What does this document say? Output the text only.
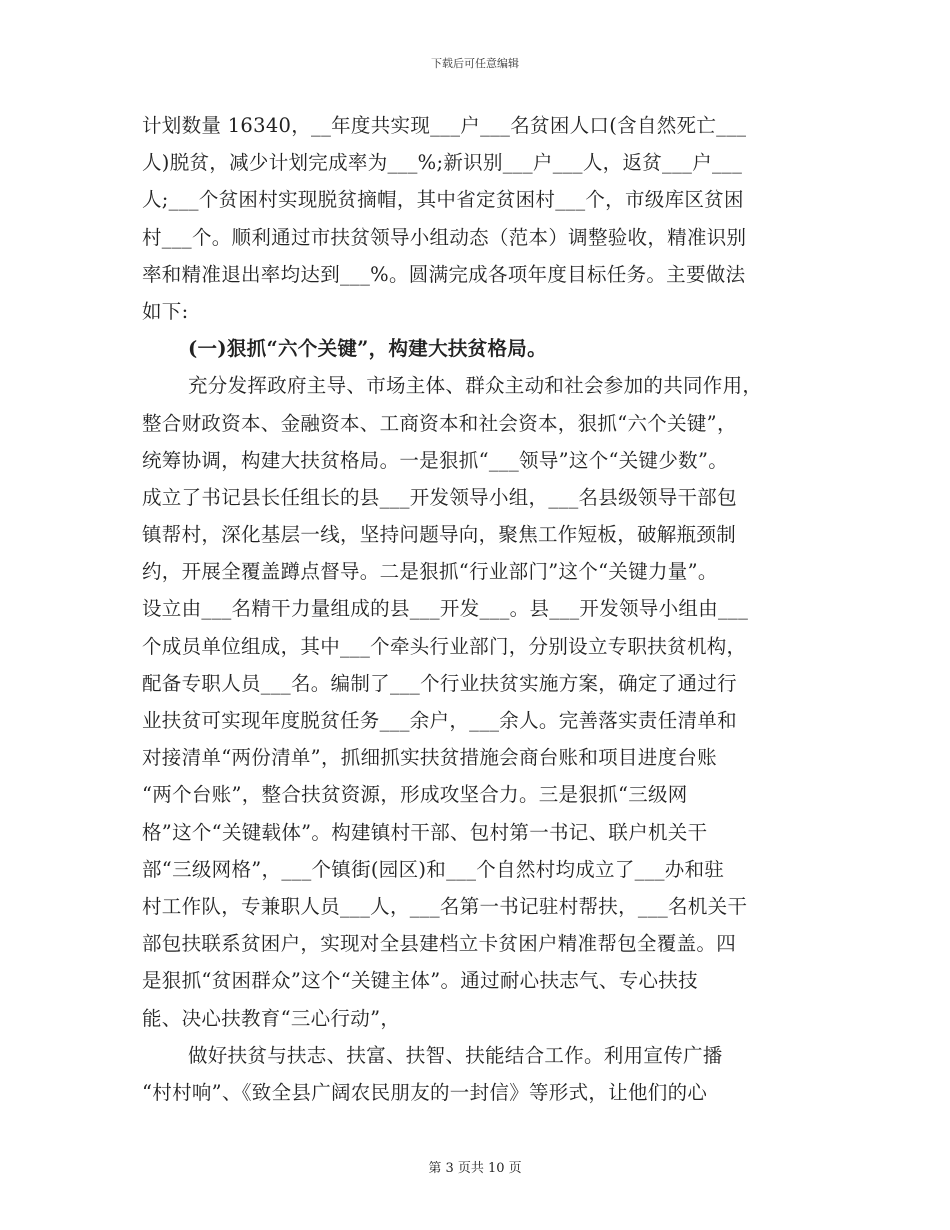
下载后可任意编辑
计划数量 16340，__年度共实现___户___名贫困人口(含自然死亡___
人)脱贫，减少计划完成率为___%;新识别___户___人，返贫___户___
人;___个贫困村实现脱贫摘帽，其中省定贫困村___个，市级库区贫困
村___个。顺利通过市扶贫领导小组动态（范本）调整验收，精准识别
率和精准退出率均达到___%。圆满完成各项年度目标任务。主要做法
如下:
(一)狠抓“六个关键”，构建大扶贫格局。
充分发挥政府主导、市场主体、群众主动和社会参加的共同作用，
整合财政资本、金融资本、工商资本和社会资本，狠抓“六个关键”，
统筹协调，构建大扶贫格局。一是狠抓“___领导”这个“关键少数”。
成立了书记县长任组长的县___开发领导小组，___名县级领导干部包
镇帮村，深化基层一线，坚持问题导向，聚焦工作短板，破解瓶颈制
约，开展全覆盖蹲点督导。二是狠抓“行业部门”这个“关键力量”。
设立由___名精干力量组成的县___开发___。县___开发领导小组由___
个成员单位组成，其中___个牵头行业部门，分别设立专职扶贫机构，
配备专职人员___名。编制了___个行业扶贫实施方案，确定了通过行
业扶贫可实现年度脱贫任务___余户，___余人。完善落实责任清单和
对接清单“两份清单”，抓细抓实扶贫措施会商台账和项目进度台账
“两个台账”，整合扶贫资源，形成攻坚合力。三是狠抓“三级网
格”这个“关键载体”。构建镇村干部、包村第一书记、联户机关干
部“三级网格”，___个镇街(园区)和___个自然村均成立了___办和驻
村工作队，专兼职人员___人，___名第一书记驻村帮扶，___名机关干
部包扶联系贫困户，实现对全县建档立卡贫困户精准帮包全覆盖。四
是狠抓“贫困群众”这个“关键主体”。通过耐心扶志气、专心扶技
能、决心扶教育“三心行动”，
做好扶贫与扶志、扶富、扶智、扶能结合工作。利用宣传广播
“村村响”、《致全县广阔农民朋友的一封信》等形式，让他们的心
第 3 页共 10 页
